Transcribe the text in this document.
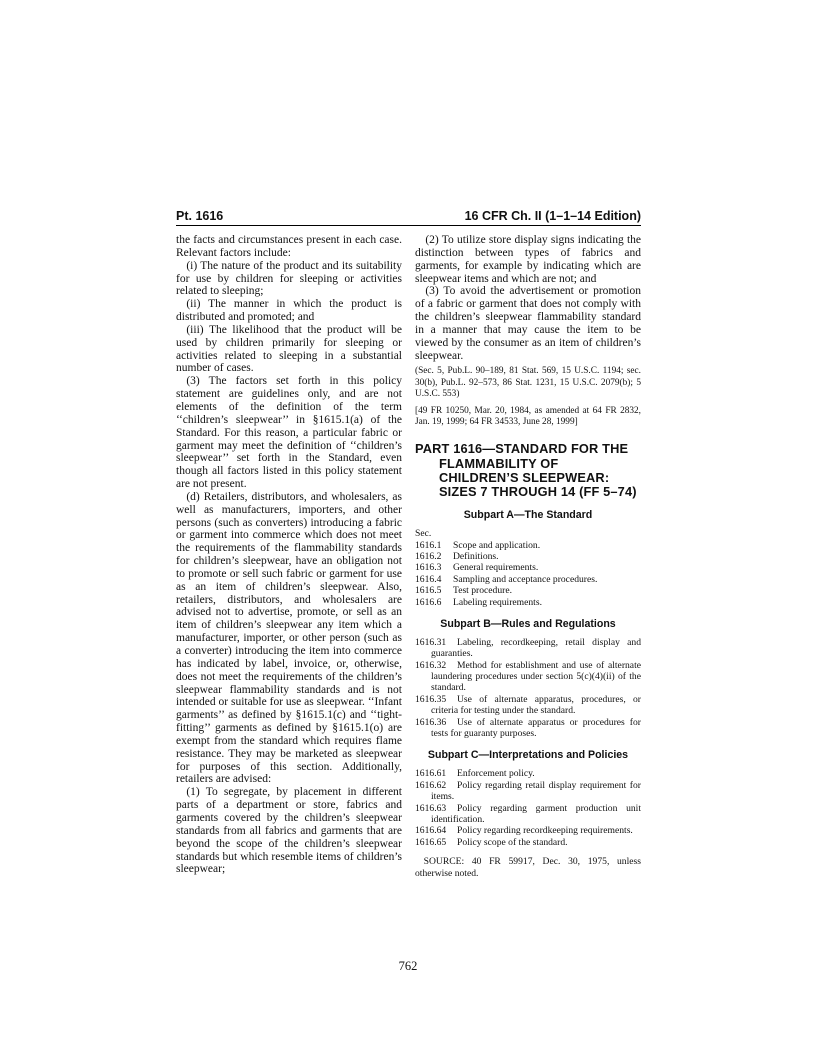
Pt. 1616	16 CFR Ch. II (1–1–14 Edition)

the facts and circumstances present in each case. Relevant factors include:

(i) The nature of the product and its suitability for use by children for sleeping or activities related to sleeping;

(ii) The manner in which the product is distributed and promoted; and

(iii) The likelihood that the product will be used by children primarily for sleeping or activities related to sleeping in a substantial number of cases.

(3) The factors set forth in this policy statement are guidelines only, and are not elements of the definition of the term ‘‘children’s sleepwear’’ in §1615.1(a) of the Standard. For this reason, a particular fabric or garment may meet the definition of ‘‘children’s sleepwear’’ set forth in the Standard, even though all factors listed in this policy statement are not present.

(d) Retailers, distributors, and wholesalers, as well as manufacturers, importers, and other persons (such as converters) introducing a fabric or garment into commerce which does not meet the requirements of the flammability standards for children’s sleepwear, have an obligation not to promote or sell such fabric or garment for use as an item of children’s sleepwear. Also, retailers, distributors, and wholesalers are advised not to advertise, promote, or sell as an item of children’s sleepwear any item which a manufacturer, importer, or other person (such as a converter) introducing the item into commerce has indicated by label, invoice, or, otherwise, does not meet the requirements of the children’s sleepwear flammability standards and is not intended or suitable for use as sleepwear. ‘‘Infant garments’’ as defined by §1615.1(c) and ‘‘tight-fitting’’ garments as defined by §1615.1(o) are exempt from the standard which requires flame resistance. They may be marketed as sleepwear for purposes of this section. Additionally, retailers are advised:

(1) To segregate, by placement in different parts of a department or store, fabrics and garments covered by the children’s sleepwear standards from all fabrics and garments that are beyond the scope of the children’s sleepwear standards but which resemble items of children’s sleepwear;

(2) To utilize store display signs indicating the distinction between types of fabrics and garments, for example by indicating which are sleepwear items and which are not; and

(3) To avoid the advertisement or promotion of a fabric or garment that does not comply with the children’s sleepwear flammability standard in a manner that may cause the item to be viewed by the consumer as an item of children’s sleepwear.

(Sec. 5, Pub.L. 90–189, 81 Stat. 569, 15 U.S.C. 1194; sec. 30(b), Pub.L. 92–573, 86 Stat. 1231, 15 U.S.C. 2079(b); 5 U.S.C. 553)

[49 FR 10250, Mar. 20, 1984, as amended at 64 FR 2832, Jan. 19, 1999; 64 FR 34533, June 28, 1999]

PART 1616—STANDARD FOR THE FLAMMABILITY OF CHILDREN’S SLEEPWEAR: SIZES 7 THROUGH 14 (FF 5–74)

Subpart A—The Standard

Sec.

1616.1 Scope and application.

1616.2 Definitions.

1616.3 General requirements.

1616.4 Sampling and acceptance procedures.

1616.5 Test procedure.

1616.6 Labeling requirements.

Subpart B—Rules and Regulations

1616.31 Labeling, recordkeeping, retail display and guaranties.

1616.32 Method for establishment and use of alternate laundering procedures under section 5(c)(4)(ii) of the standard.

1616.35 Use of alternate apparatus, procedures, or criteria for testing under the standard.

1616.36 Use of alternate apparatus or procedures for tests for guaranty purposes.

Subpart C—Interpretations and Policies

1616.61 Enforcement policy.

1616.62 Policy regarding retail display requirement for items.

1616.63 Policy regarding garment production unit identification.

1616.64 Policy regarding recordkeeping requirements.

1616.65 Policy scope of the standard.

SOURCE: 40 FR 59917, Dec. 30, 1975, unless otherwise noted.

762
